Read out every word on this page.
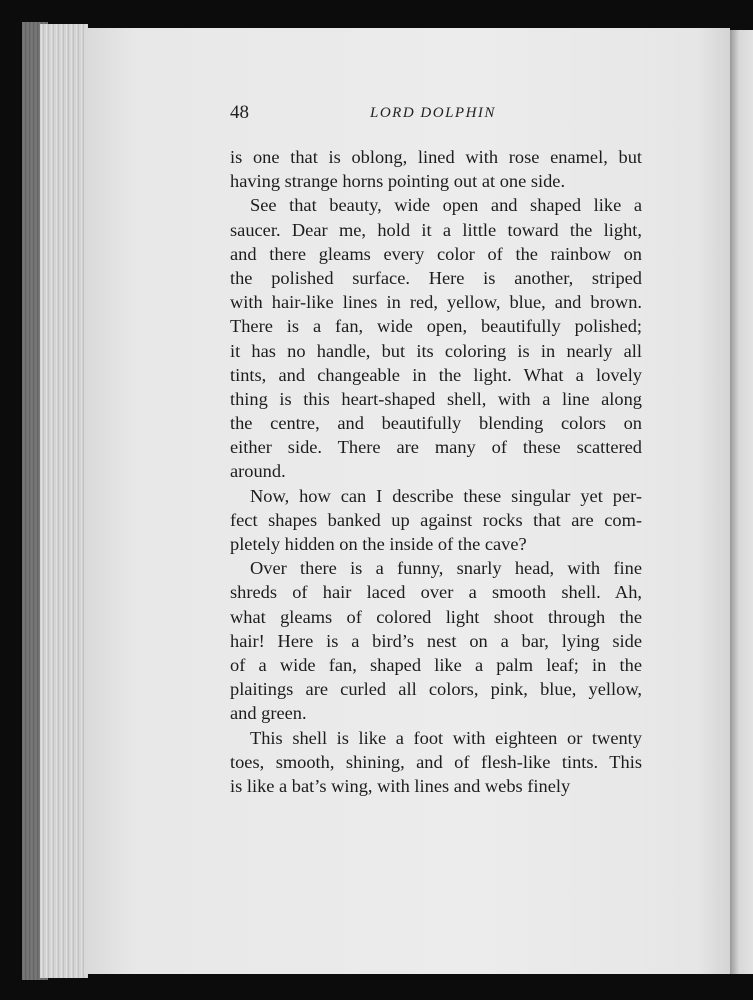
48	LORD DOLPHIN
is one that is oblong, lined with rose enamel, but
having strange horns pointing out at one side.
See that beauty, wide open and shaped like a
saucer. Dear me, hold it a little toward the light,
and there gleams every color of the rainbow on
the polished surface. Here is another, striped
with hair-like lines in red, yellow, blue, and brown.
There is a fan, wide open, beautifully polished;
it has no handle, but its coloring is in nearly all
tints, and changeable in the light. What a lovely
thing is this heart-shaped shell, with a line along
the centre, and beautifully blending colors on
either side. There are many of these scattered
around.
Now, how can I describe these singular yet per-
fect shapes banked up against rocks that are com-
pletely hidden on the inside of the cave?
Over there is a funny, snarly head, with fine
shreds of hair laced over a smooth shell. Ah,
what gleams of colored light shoot through the
hair! Here is a bird’s nest on a bar, lying side
of a wide fan, shaped like a palm leaf; in the
plaitings are curled all colors, pink, blue, yellow,
and green.
This shell is like a foot with eighteen or twenty
toes, smooth, shining, and of flesh-like tints. This
is like a bat’s wing, with lines and webs finely
